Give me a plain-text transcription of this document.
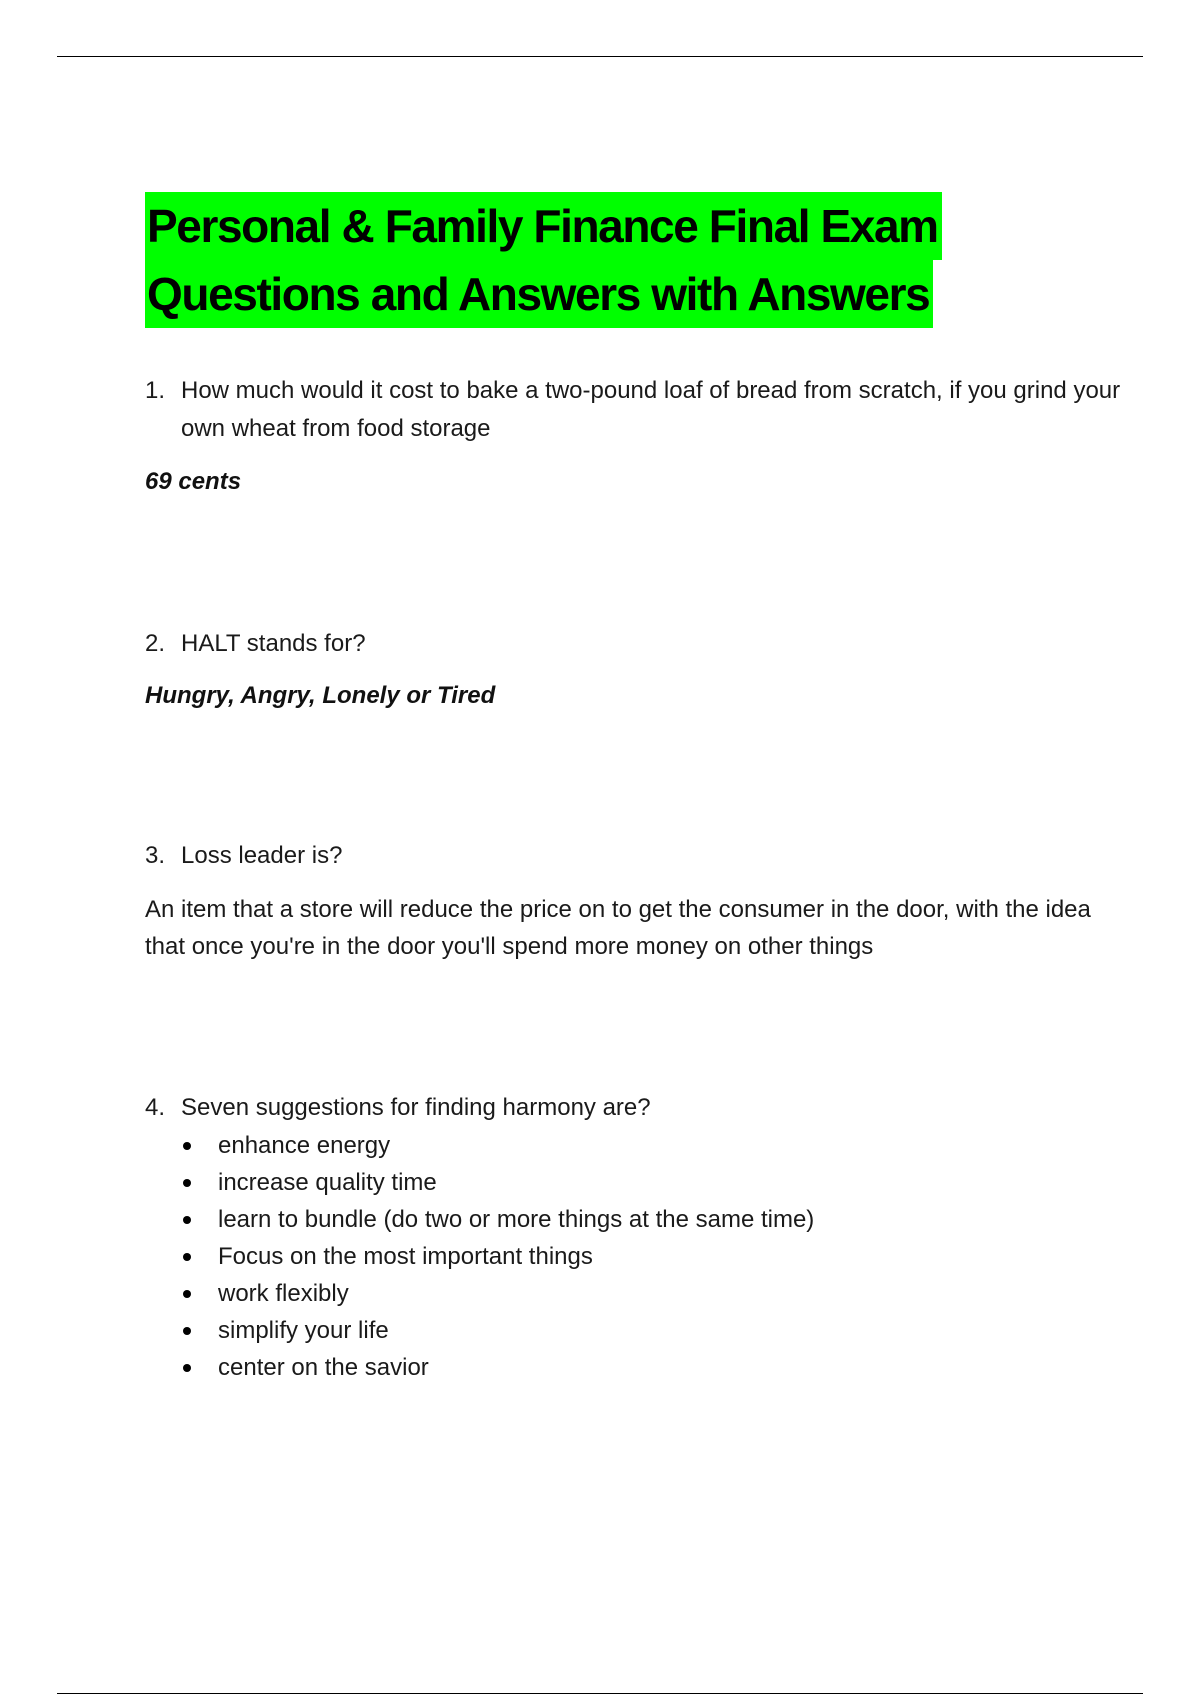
Personal & Family Finance Final Exam
Questions and Answers with Answers
1. How much would it cost to bake a two-pound loaf of bread from scratch, if you grind your own wheat from food storage

69 cents

2. HALT stands for?

Hungry, Angry, Lonely or Tired

3. Loss leader is?

An item that a store will reduce the price on to get the consumer in the door, with the idea that once you're in the door you'll spend more money on other things

4. Seven suggestions for finding harmony are?
enhance energy
increase quality time
learn to bundle (do two or more things at the same time)
Focus on the most important things
work flexibly
simplify your life
center on the savior
